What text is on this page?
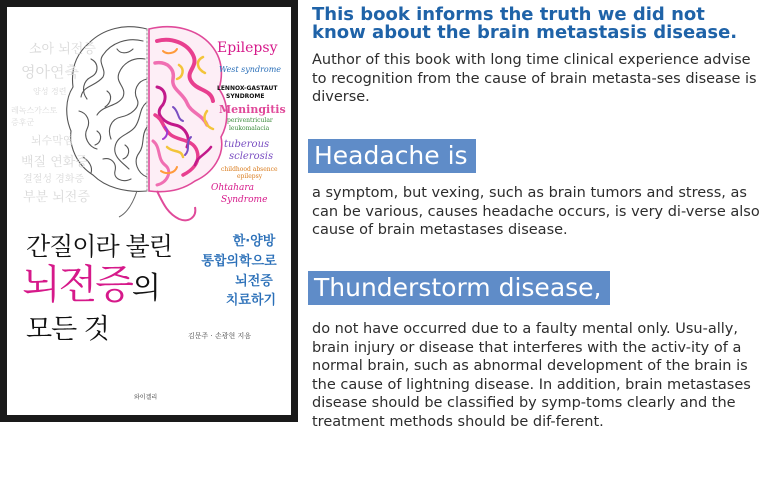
소아 뇌전증
영아연축
양성 경련
레녹스가스토 증후군
뇌수막염
백질 연화증
결절성 경화증
부분 뇌전증
Epilepsy
West syndrome
LENNOX-GASTAUT
SYNDROME
Meningitis
periventricular
leukomalacia
tuberous
sclerosis
childhood absence
epilepsy
Ohtahara
Syndrome
간질이라 불린
뇌전증의
모든 것
한·양방
통합의학으로
뇌전증
치료하기
김문주 · 손광현 지음
와이겔리
This book informs the truth we did not know about the brain metastasis disease.

Author of this book with long time clinical experience advise to recognition from the cause of brain metasta-ses disease is diverse.

Headache is

a symptom, but vexing, such as brain tumors and stress, as can be various, causes headache occurs, is very di-verse also cause of brain metastases disease.

Thunderstorm disease,

do not have occurred due to a faulty mental only. Usu-ally, brain injury or disease that interferes with the activ-ity of a normal brain, such as abnormal development of the brain is the cause of lightning disease. In addition, brain metastases disease should be classified by symp-toms clearly and the treatment methods should be dif-ferent.
